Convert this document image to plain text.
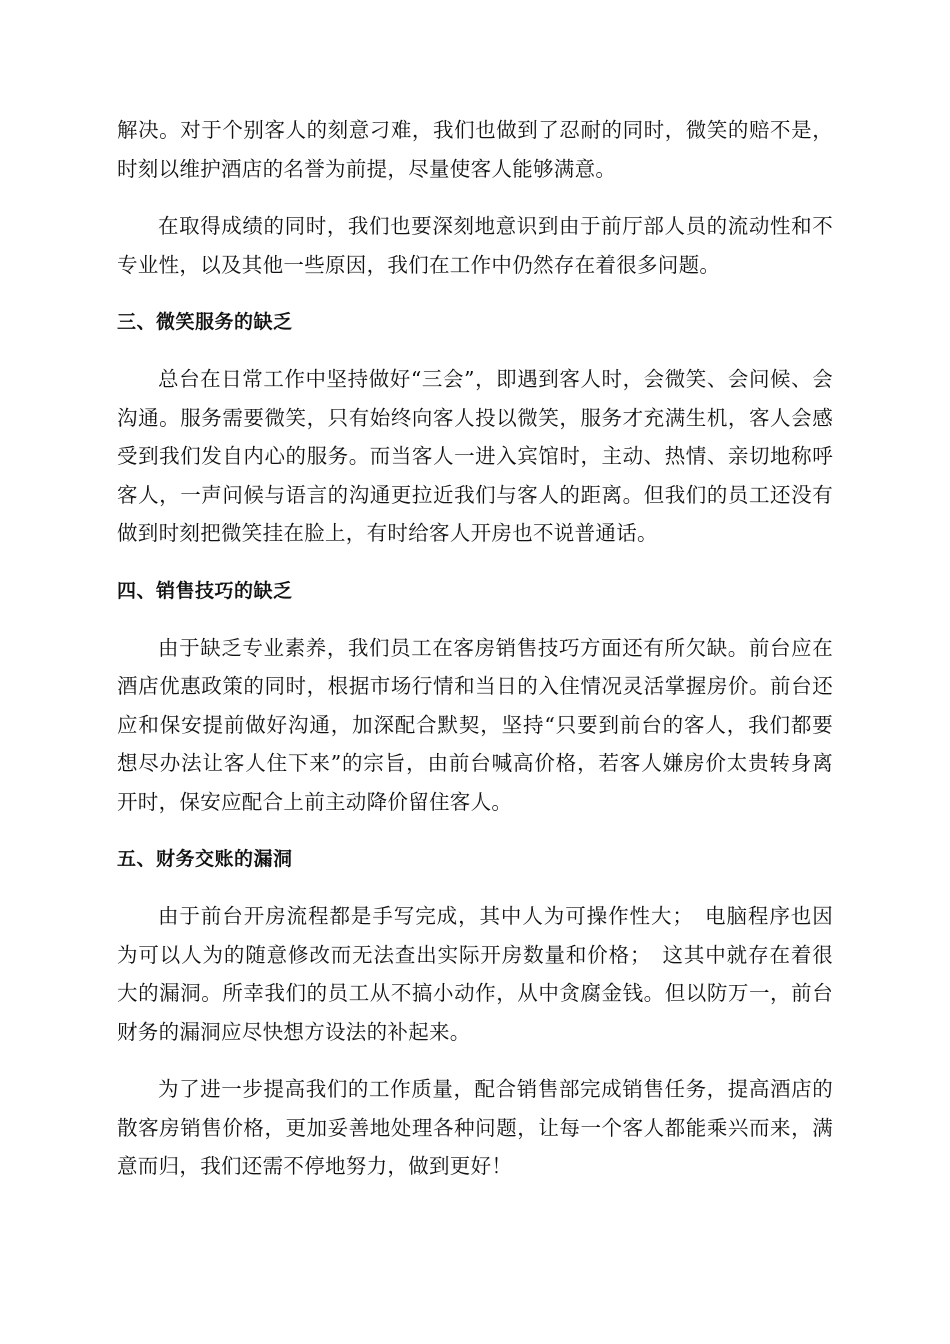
解决。对于个别客人的刻意刁难，我们也做到了忍耐的同时，微笑的赔不是，时刻以维护酒店的名誉为前提，尽量使客人能够满意。

在取得成绩的同时，我们也要深刻地意识到由于前厅部人员的流动性和不专业性，以及其他一些原因，我们在工作中仍然存在着很多问题。

三、微笑服务的缺乏

总台在日常工作中坚持做好“三会”，即遇到客人时，会微笑、会问候、会沟通。服务需要微笑，只有始终向客人投以微笑，服务才充满生机，客人会感受到我们发自内心的服务。而当客人一进入宾馆时，主动、热情、亲切地称呼客人，一声问候与语言的沟通更拉近我们与客人的距离。但我们的员工还没有做到时刻把微笑挂在脸上，有时给客人开房也不说普通话。

四、销售技巧的缺乏

由于缺乏专业素养，我们员工在客房销售技巧方面还有所欠缺。前台应在酒店优惠政策的同时，根据市场行情和当日的入住情况灵活掌握房价。前台还应和保安提前做好沟通，加深配合默契，坚持“只要到前台的客人，我们都要想尽办法让客人住下来”的宗旨，由前台喊高价格，若客人嫌房价太贵转身离开时，保安应配合上前主动降价留住客人。

五、财务交账的漏洞

由于前台开房流程都是手写完成，其中人为可操作性大；　电脑程序也因为可以人为的随意修改而无法查出实际开房数量和价格；　这其中就存在着很大的漏洞。所幸我们的员工从不搞小动作，从中贪腐金钱。但以防万一，前台财务的漏洞应尽快想方设法的补起来。

为了进一步提高我们的工作质量，配合销售部完成销售任务，提高酒店的散客房销售价格，更加妥善地处理各种问题，让每一个客人都能乘兴而来，满意而归，我们还需不停地努力，做到更好！
